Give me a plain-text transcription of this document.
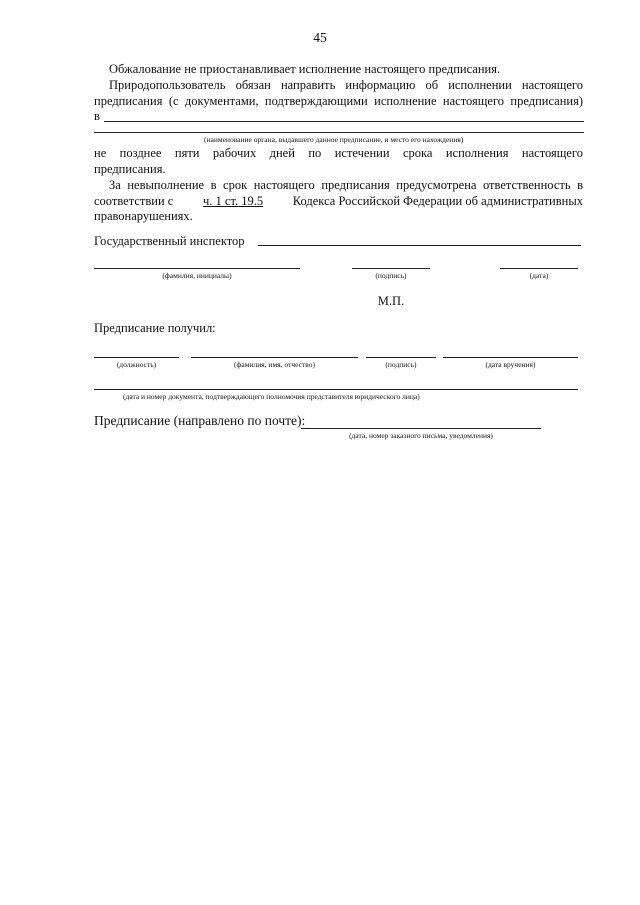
45
Обжалование не приостанавливает исполнение настоящего предписания.
Природопользователь обязан направить информацию об исполнении настоящего
предписания (с документами, подтверждающими исполнение настоящего предписания)
в
(наименование органа, выдавшего данное предписание, и место его нахождения)
не позднее пяти рабочих дней по истечении срока исполнения настоящего
предписания.
За невыполнение в срок настоящего предписания предусмотрена ответственность в
соответствии с ч. 1 ст. 19.5 Кодекса Российской Федерации об административных
правонарушениях.
Государственный инспектор
(фамилия, инициалы)	(подпись)	(дата)
М.П.
Предписание получил:
(должность)	(фамилия, имя, отчество)	(подпись)	(дата вручения)
(дата и номер документа, подтверждающего полномочия представителя юридического лица)
Предписание (направлено по почте):
(дата, номер заказного письма, уведомления)
